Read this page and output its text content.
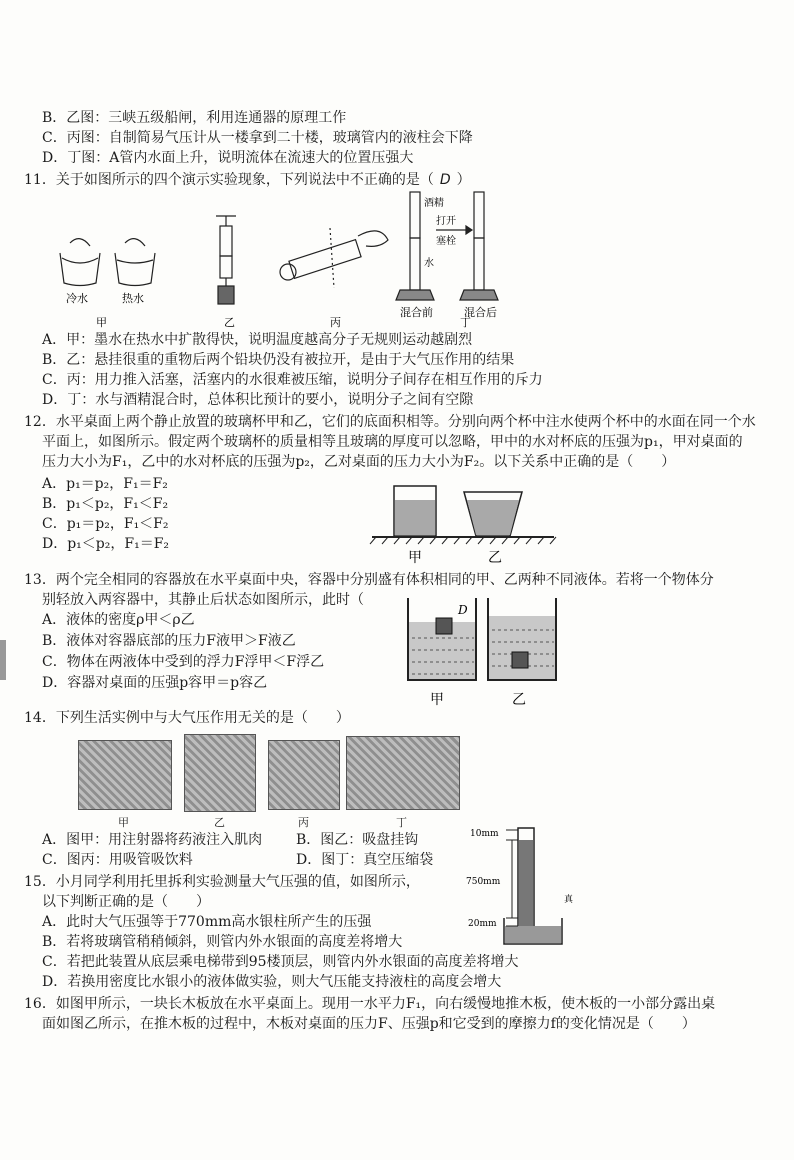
B．乙图：三峡五级船闸，利用连通器的原理工作
C．丙图：自制简易气压计从一楼拿到二十楼，玻璃管内的液柱会下降
D．丁图：A管内水面上升，说明流体在流速大的位置压强大
11．关于如图所示的四个演示实验现象，下列说法中不正确的是（ D ）
冷水	热水
酒精
打开
塞栓
水
混合前	混合后
甲	乙	丙	丁
A．甲：墨水在热水中扩散得快，说明温度越高分子无规则运动越剧烈
B．乙：悬挂很重的重物后两个铅块仍没有被拉开，是由于大气压作用的结果
C．丙：用力推入活塞，活塞内的水很难被压缩，说明分子间存在相互作用的斥力
D．丁：水与酒精混合时，总体积比预计的要小，说明分子之间有空隙
12．水平桌面上两个静止放置的玻璃杯甲和乙，它们的底面积相等。分别向两个杯中注水使两个杯中的水面在同一个水
平面上，如图所示。假定两个玻璃杯的质量相等且玻璃的厚度可以忽略，甲中的水对杯底的压强为p₁，甲对桌面的
压力大小为F₁，乙中的水对杯底的压强为p₂，乙对桌面的压力大小为F₂。以下关系中正确的是（　　）
A．p₁＝p₂，F₁＝F₂
B．p₁＜p₂，F₁＜F₂
C．p₁＝p₂，F₁＜F₂
D．p₁＜p₂，F₁＝F₂
甲	乙
13．两个完全相同的容器放在水平桌面中央，容器中分别盛有体积相同的甲、乙两种不同液体。若将一个物体分
别轻放入两容器中，其静止后状态如图所示，此时（
A．液体的密度ρ甲＜ρ乙
B．液体对容器底部的压力F液甲＞F液乙
C．物体在两液体中受到的浮力F浮甲＜F浮乙
D．容器对桌面的压强p容甲＝p容乙
D
甲	乙
14．下列生活实例中与大气压作用无关的是（　　）
甲	乙	丙	丁
A．图甲：用注射器将药液注入肌肉 B．图乙：吸盘挂钩
C．图丙：用吸管吸饮料	D．图丁：真空压缩袋
15．小月同学利用托里拆利实验测量大气压强的值，如图所示，
以下判断正确的是（　　）
A．此时大气压强等于770mm高水银柱所产生的压强
B．若将玻璃管稍稍倾斜，则管内外水银面的高度差将增大
C．若把此装置从底层乘电梯带到95楼顶层，则管内外水银面的高度差将增大
D．若换用密度比水银小的液体做实验，则大气压能支持液柱的高度会增大
10mm
750mm
20mm
真
16．如图甲所示，一块长木板放在水平桌面上。现用一水平力F₁，向右缓慢地推木板，使木板的一小部分露出桌
面如图乙所示，在推木板的过程中，木板对桌面的压力F、压强p和它受到的摩擦力f的变化情况是（　　）
